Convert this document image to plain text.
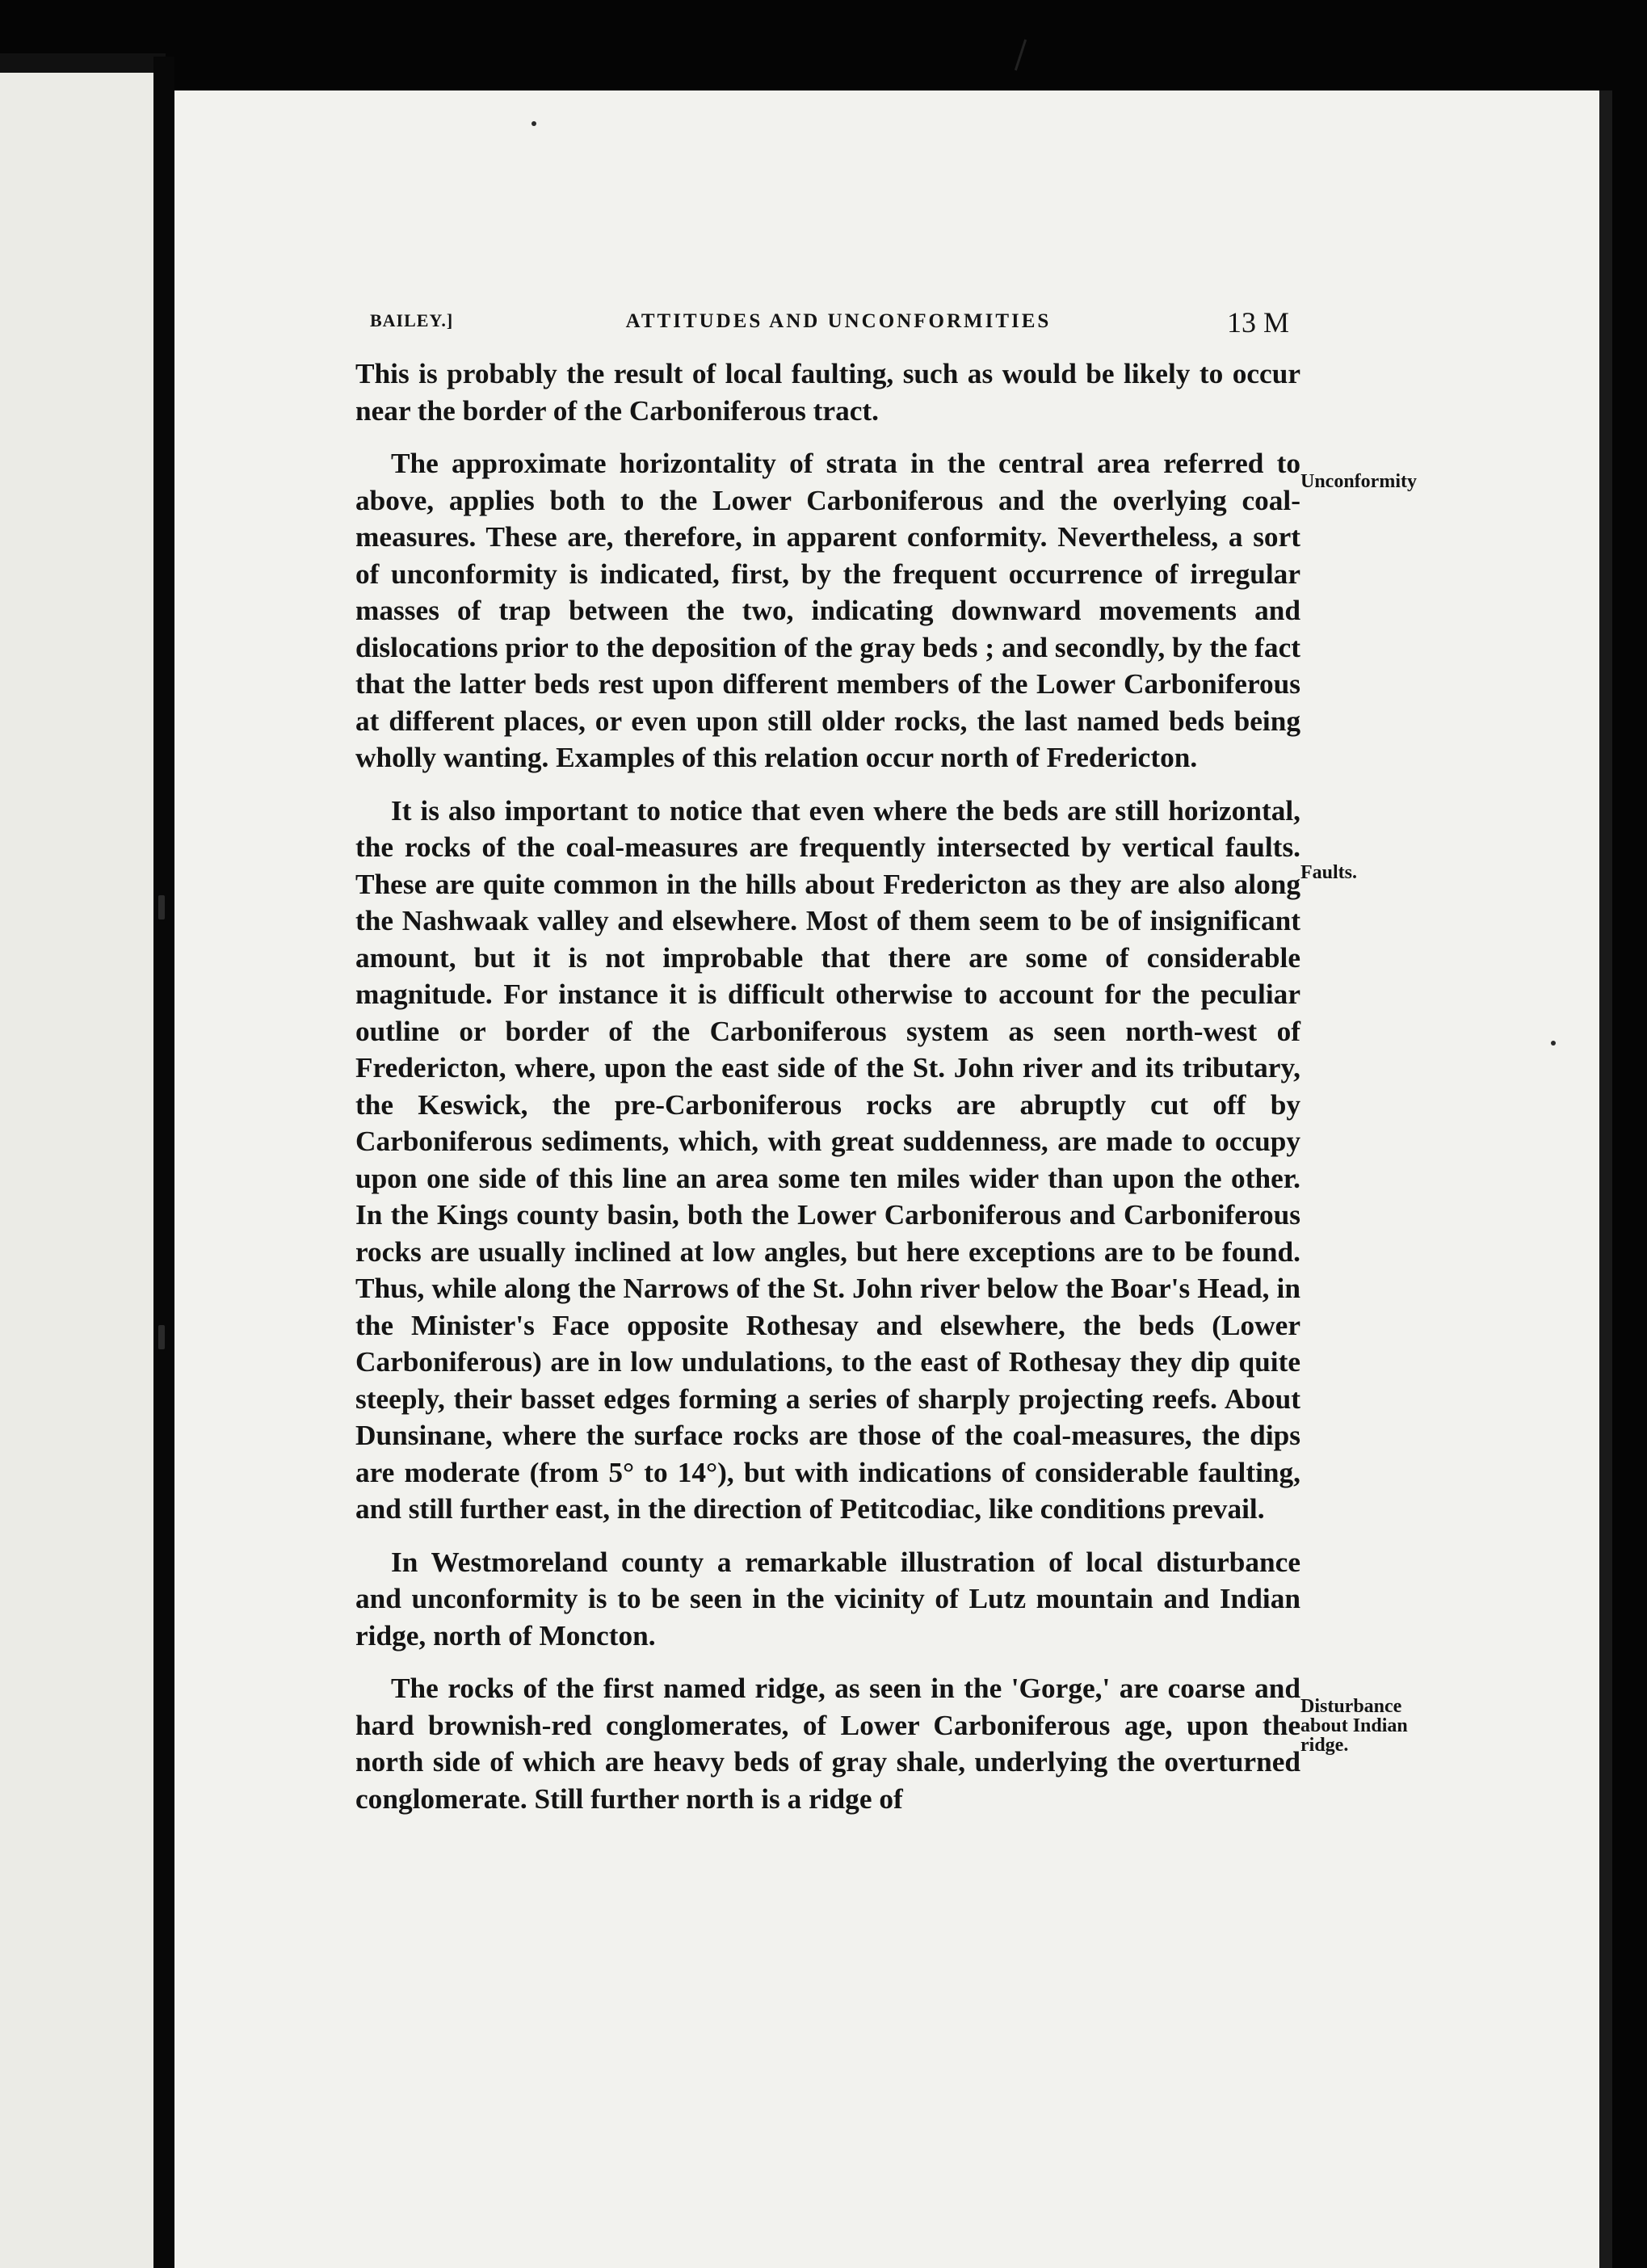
BAILEY.]	ATTITUDES AND UNCONFORMITIES	13 M

This is probably the result of local faulting, such as would be likely to occur near the border of the Carboniferous tract.

The approximate horizontality of strata in the central area referred to above, applies both to the Lower Carboniferous and the overlying coal-measures. These are, therefore, in apparent conformity. Nevertheless, a sort of unconformity is indicated, first, by the frequent occurrence of irregular masses of trap between the two, indicating downward movements and dislocations prior to the deposition of the gray beds ; and secondly, by the fact that the latter beds rest upon different members of the Lower Carboniferous at different places, or even upon still older rocks, the last named beds being wholly wanting. Examples of this relation occur north of Fredericton.

It is also important to notice that even where the beds are still horizontal, the rocks of the coal-measures are frequently intersected by vertical faults. These are quite common in the hills about Fredericton as they are also along the Nashwaak valley and elsewhere. Most of them seem to be of insignificant amount, but it is not improbable that there are some of considerable magnitude. For instance it is difficult otherwise to account for the peculiar outline or border of the Carboniferous system as seen north-west of Fredericton, where, upon the east side of the St. John river and its tributary, the Keswick, the pre-Carboniferous rocks are abruptly cut off by Carboniferous sediments, which, with great suddenness, are made to occupy upon one side of this line an area some ten miles wider than upon the other. In the Kings county basin, both the Lower Carboniferous and Carboniferous rocks are usually inclined at low angles, but here exceptions are to be found. Thus, while along the Narrows of the St. John river below the Boar's Head, in the Minister's Face opposite Rothesay and elsewhere, the beds (Lower Carboniferous) are in low undulations, to the east of Rothesay they dip quite steeply, their basset edges forming a series of sharply projecting reefs. About Dunsinane, where the surface rocks are those of the coal-measures, the dips are moderate (from 5° to 14°), but with indications of considerable faulting, and still further east, in the direction of Petitcodiac, like conditions prevail.

In Westmoreland county a remarkable illustration of local disturbance and unconformity is to be seen in the vicinity of Lutz mountain and Indian ridge, north of Moncton.

The rocks of the first named ridge, as seen in the 'Gorge,' are coarse and hard brownish-red conglomerates, of Lower Carboniferous age, upon the north side of which are heavy beds of gray shale, underlying the overturned conglomerate. Still further north is a ridge of

Unconformity
Faults.
Disturbance about Indian ridge.
